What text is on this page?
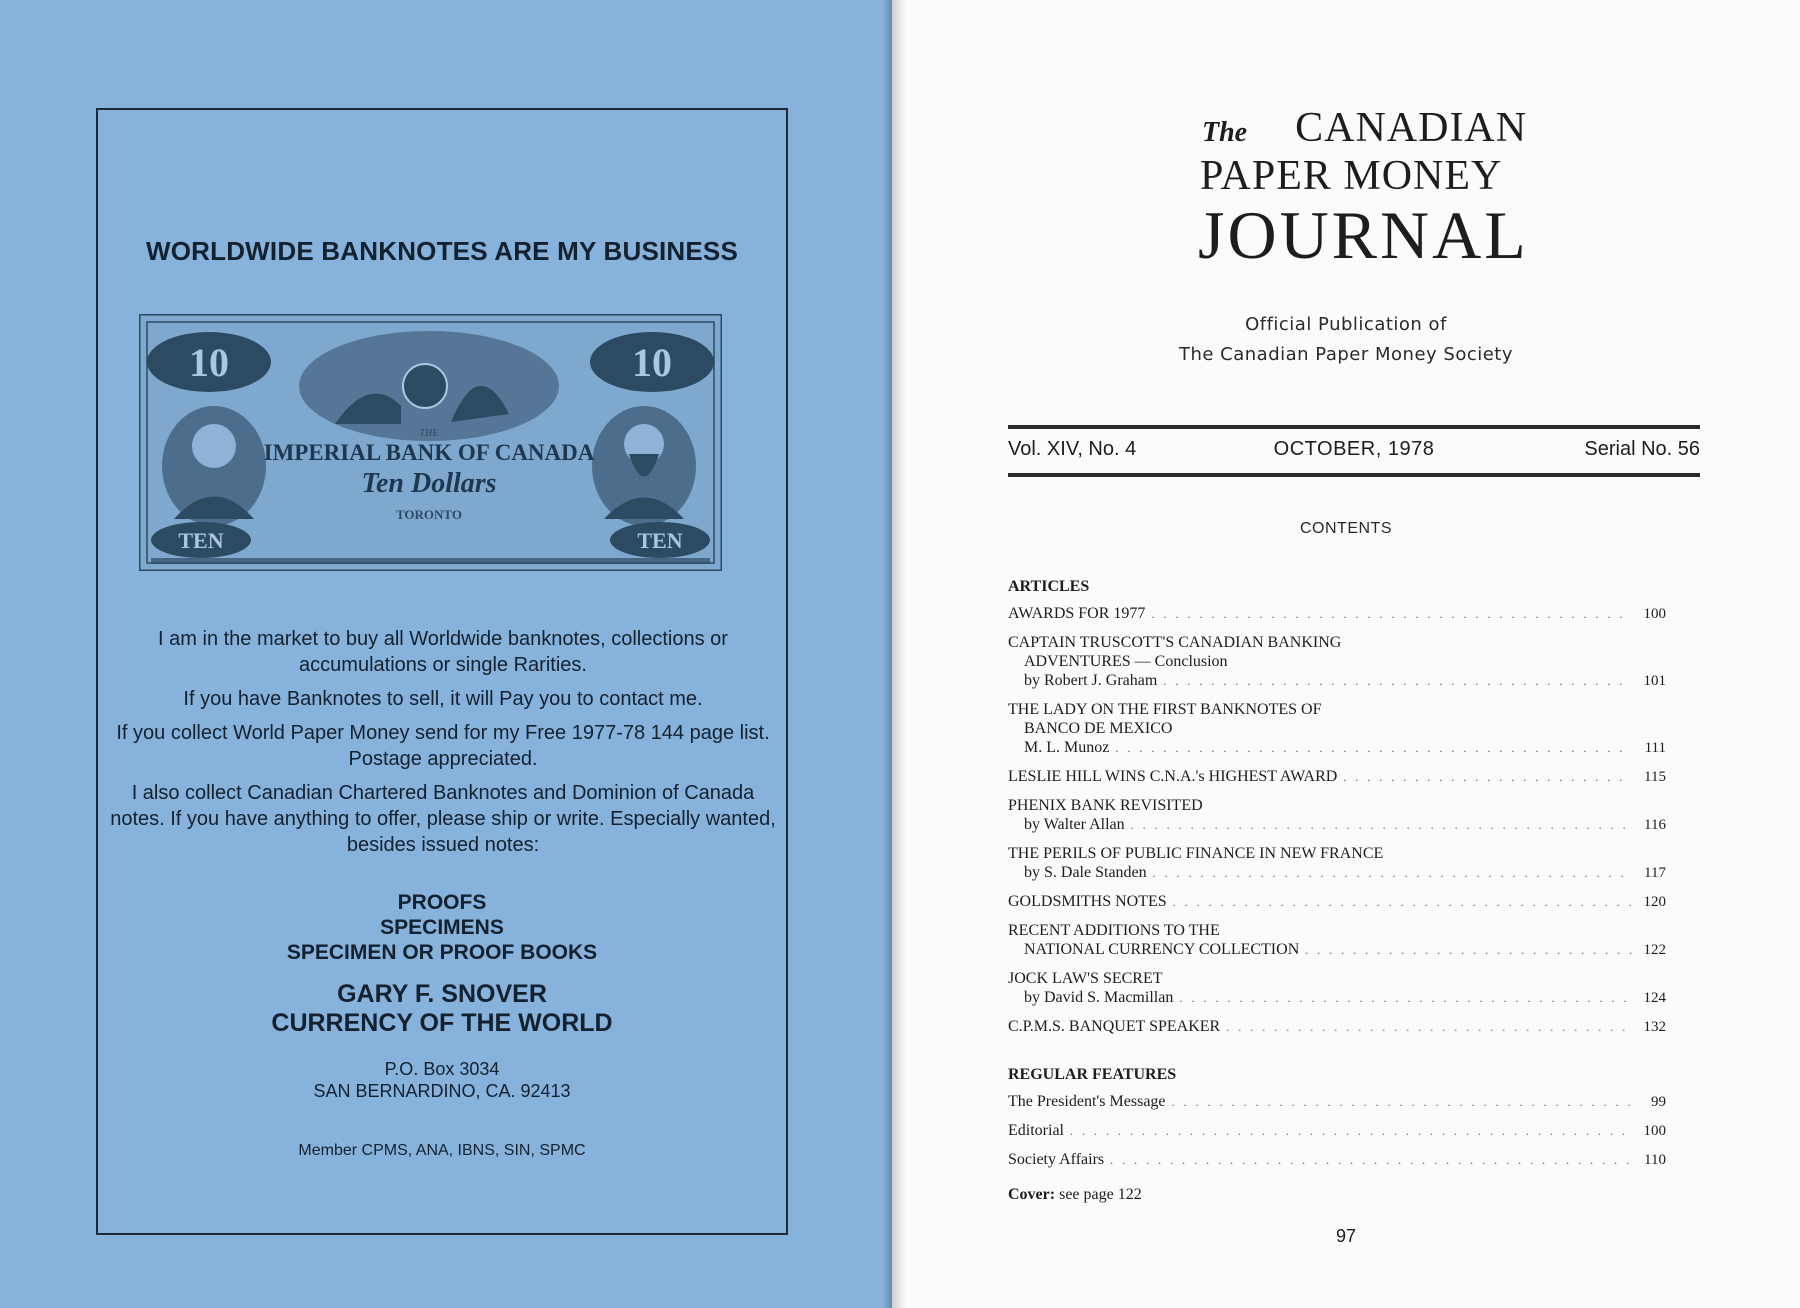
WORLDWIDE BANKNOTES ARE MY BUSINESS
10	10
THE
IMPERIAL BANK OF CANADA
Ten Dollars
TORONTO
TEN	TEN

I am in the market to buy all Worldwide banknotes, collections or accumulations or single Rarities.

If you have Banknotes to sell, it will Pay you to contact me.

If you collect World Paper Money send for my Free 1977-78 144 page list. Postage appreciated.

I also collect Canadian Chartered Banknotes and Dominion of Canada notes. If you have anything to offer, please ship or write. Especially wanted, besides issued notes:

PROOFS
SPECIMENS
SPECIMEN OR PROOF BOOKS
GARY F. SNOVER
CURRENCY OF THE WORLD
P.O. Box 3034
SAN BERNARDINO, CA. 92413
Member CPMS, ANA, IBNS, SIN, SPMC
The CANADIAN
PAPER MONEY
JOURNAL
Official Publication of
The Canadian Paper Money Society
Vol. XIV, No. 4	OCTOBER, 1978	Serial No. 56
CONTENTS
ARTICLES
AWARDS FOR 1977 . . .	100
CAPTAIN TRUSCOTT'S CANADIAN BANKING
ADVENTURES — Conclusion
by Robert J. Graham . . .	101
THE LADY ON THE FIRST BANKNOTES OF
BANCO DE MEXICO
M. L. Munoz . . .	111
LESLIE HILL WINS C.N.A.'s HIGHEST AWARD . . .	115
PHENIX BANK REVISITED
by Walter Allan . . .	116
THE PERILS OF PUBLIC FINANCE IN NEW FRANCE
by S. Dale Standen . . .	117
GOLDSMITHS NOTES . . .	120
RECENT ADDITIONS TO THE
NATIONAL CURRENCY COLLECTION . . .	122
JOCK LAW'S SECRET
by David S. Macmillan . . .	124
C.P.M.S. BANQUET SPEAKER . . .	132
REGULAR FEATURES
The President's Message . . .	99
Editorial . . .	100
Society Affairs . . .	110
Cover: see page 122
97
